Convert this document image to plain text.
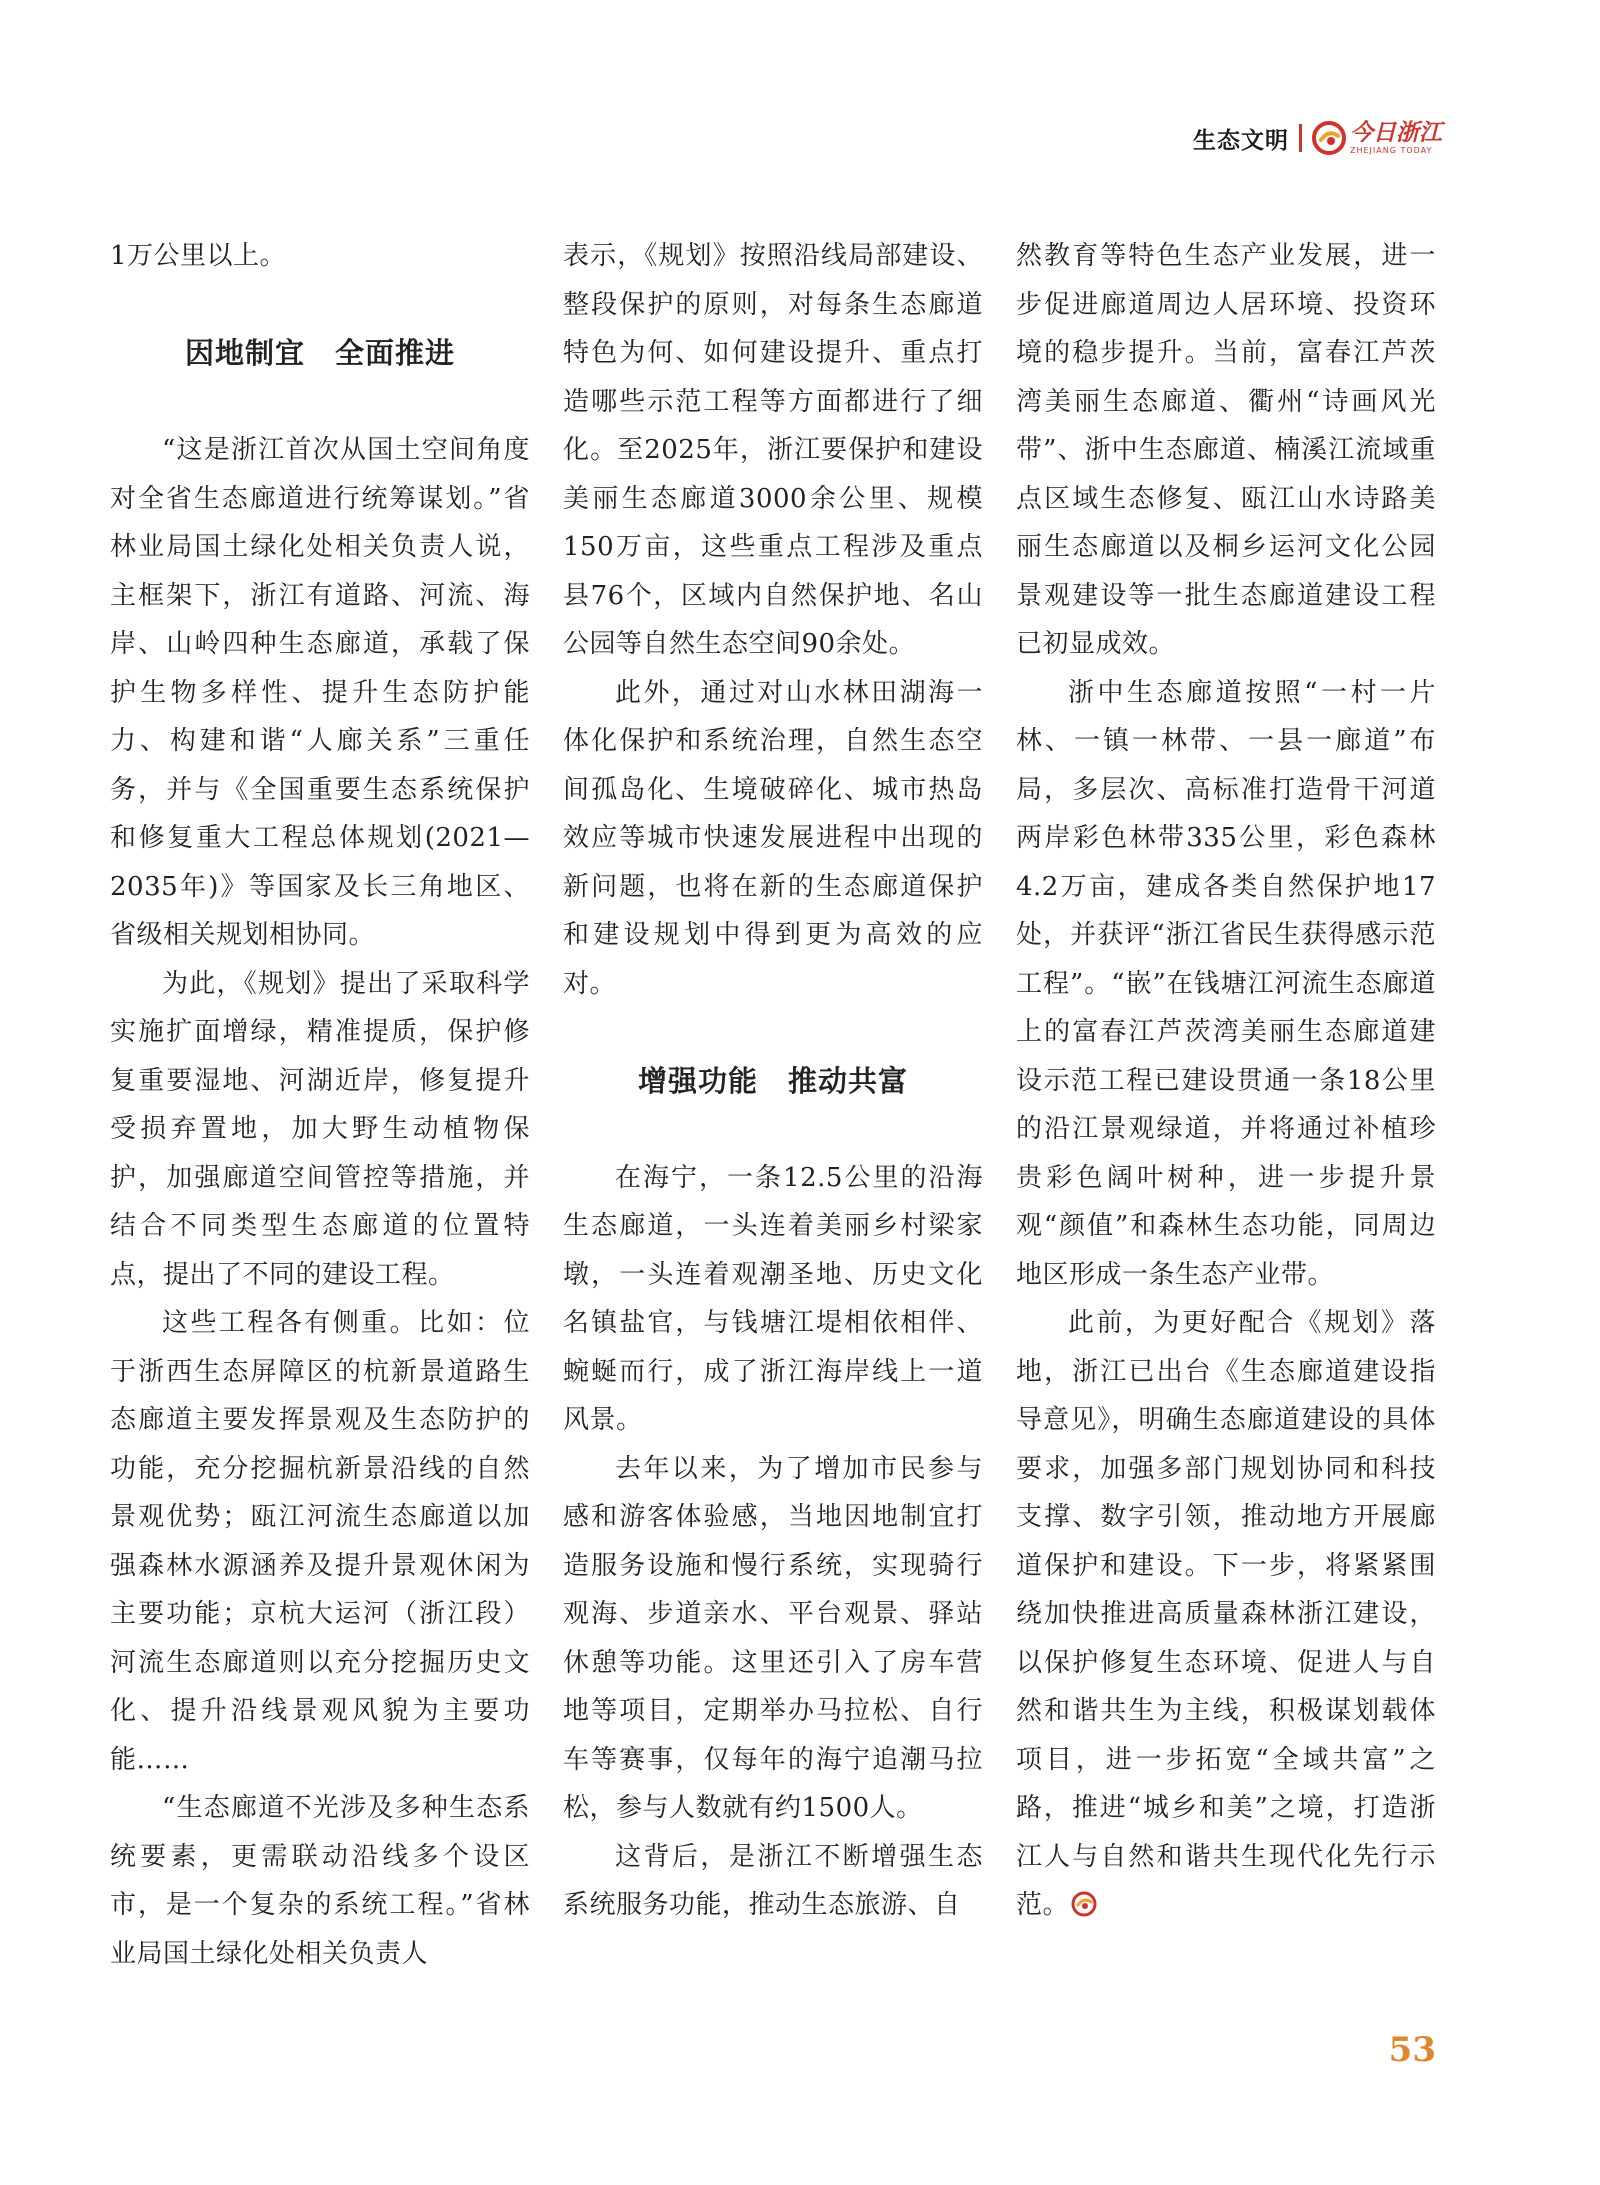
生态文明	今日浙江
ZHEJIANG TODAY

1万公里以上。

因地制宜　全面推进

“这是浙江首次从国土空间角度对全省生态廊道进行统筹谋划。”省林业局国土绿化处相关负责人说，主框架下，浙江有道路、河流、海岸、山岭四种生态廊道，承载了保护生物多样性、提升生态防护能力、构建和谐“人廊关系”三重任务，并与《全国重要生态系统保护和修复重大工程总体规划(2021—2035年)》等国家及长三角地区、省级相关规划相协同。

为此，《规划》提出了采取科学实施扩面增绿，精准提质，保护修复重要湿地、河湖近岸，修复提升受损弃置地，加大野生动植物保护，加强廊道空间管控等措施，并结合不同类型生态廊道的位置特点，提出了不同的建设工程。

这些工程各有侧重。比如：位于浙西生态屏障区的杭新景道路生态廊道主要发挥景观及生态防护的功能，充分挖掘杭新景沿线的自然景观优势；瓯江河流生态廊道以加强森林水源涵养及提升景观休闲为主要功能；京杭大运河（浙江段）河流生态廊道则以充分挖掘历史文化、提升沿线景观风貌为主要功能……

“生态廊道不光涉及多种生态系统要素，更需联动沿线多个设区市，是一个复杂的系统工程。”省林业局国土绿化处相关负责人

表示，《规划》按照沿线局部建设、整段保护的原则，对每条生态廊道特色为何、如何建设提升、重点打造哪些示范工程等方面都进行了细化。至2025年，浙江要保护和建设美丽生态廊道3000余公里、规模150万亩，这些重点工程涉及重点县76个，区域内自然保护地、名山公园等自然生态空间90余处。

此外，通过对山水林田湖海一体化保护和系统治理，自然生态空间孤岛化、生境破碎化、城市热岛效应等城市快速发展进程中出现的新问题，也将在新的生态廊道保护和建设规划中得到更为高效的应对。

增强功能　推动共富

在海宁，一条12.5公里的沿海生态廊道，一头连着美丽乡村梁家墩，一头连着观潮圣地、历史文化名镇盐官，与钱塘江堤相依相伴、蜿蜒而行，成了浙江海岸线上一道风景。

去年以来，为了增加市民参与感和游客体验感，当地因地制宜打造服务设施和慢行系统，实现骑行观海、步道亲水、平台观景、驿站休憩等功能。这里还引入了房车营地等项目，定期举办马拉松、自行车等赛事，仅每年的海宁追潮马拉松，参与人数就有约1500人。

这背后，是浙江不断增强生态系统服务功能，推动生态旅游、自

然教育等特色生态产业发展，进一步促进廊道周边人居环境、投资环境的稳步提升。当前，富春江芦茨湾美丽生态廊道、衢州“诗画风光带”、浙中生态廊道、楠溪江流域重点区域生态修复、瓯江山水诗路美丽生态廊道以及桐乡运河文化公园景观建设等一批生态廊道建设工程已初显成效。

浙中生态廊道按照“一村一片林、一镇一林带、一县一廊道”布局，多层次、高标准打造骨干河道两岸彩色林带335公里，彩色森林4.2万亩，建成各类自然保护地17处，并获评“浙江省民生获得感示范工程”。“嵌”在钱塘江河流生态廊道上的富春江芦茨湾美丽生态廊道建设示范工程已建设贯通一条18公里的沿江景观绿道，并将通过补植珍贵彩色阔叶树种，进一步提升景观“颜值”和森林生态功能，同周边地区形成一条生态产业带。

此前，为更好配合《规划》落地，浙江已出台《生态廊道建设指导意见》，明确生态廊道建设的具体要求，加强多部门规划协同和科技支撑、数字引领，推动地方开展廊道保护和建设。下一步，将紧紧围绕加快推进高质量森林浙江建设，以保护修复生态环境、促进人与自然和谐共生为主线，积极谋划载体项目，进一步拓宽“全域共富”之路，推进“城乡和美”之境，打造浙江人与自然和谐共生现代化先行示范。

53
